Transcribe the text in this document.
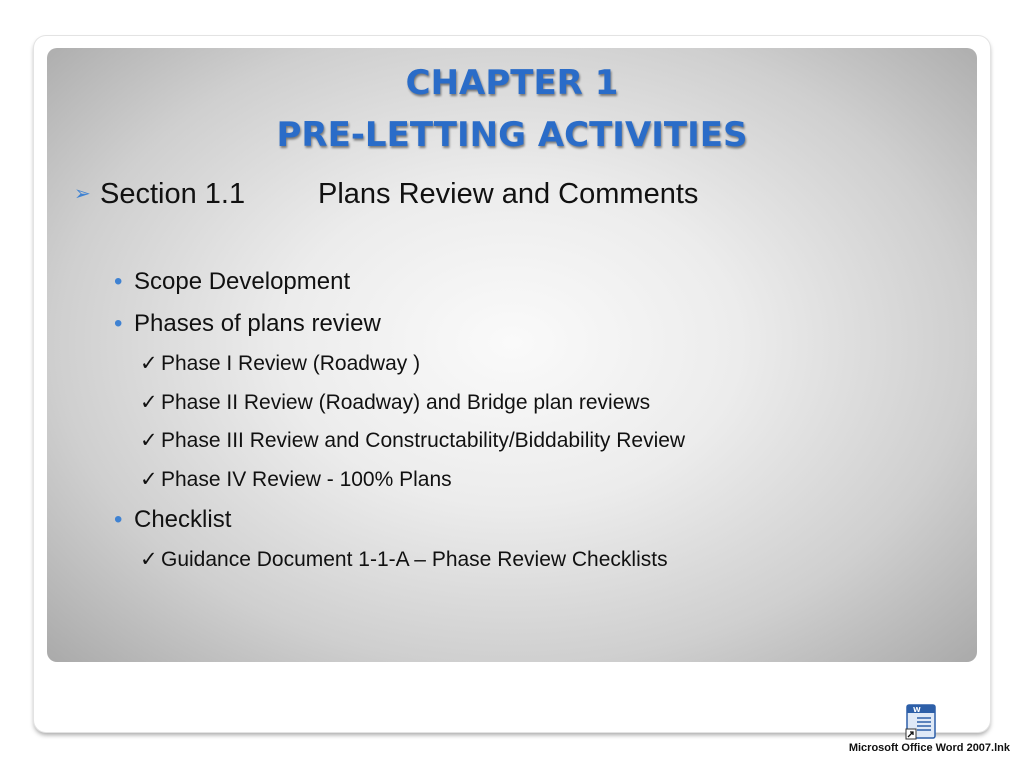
CHAPTER 1
PRE-LETTING ACTIVITIES
➢ Section 1.1	Plans Review and Comments
• Scope Development
• Phases of plans review
✓ Phase I Review (Roadway )
✓ Phase II Review (Roadway) and Bridge plan reviews
✓ Phase III Review and Constructability/Biddability Review
✓ Phase IV Review - 100% Plans
• Checklist
✓ Guidance Document 1-1-A – Phase Review Checklists
W
Microsoft Office Word 2007.lnk
